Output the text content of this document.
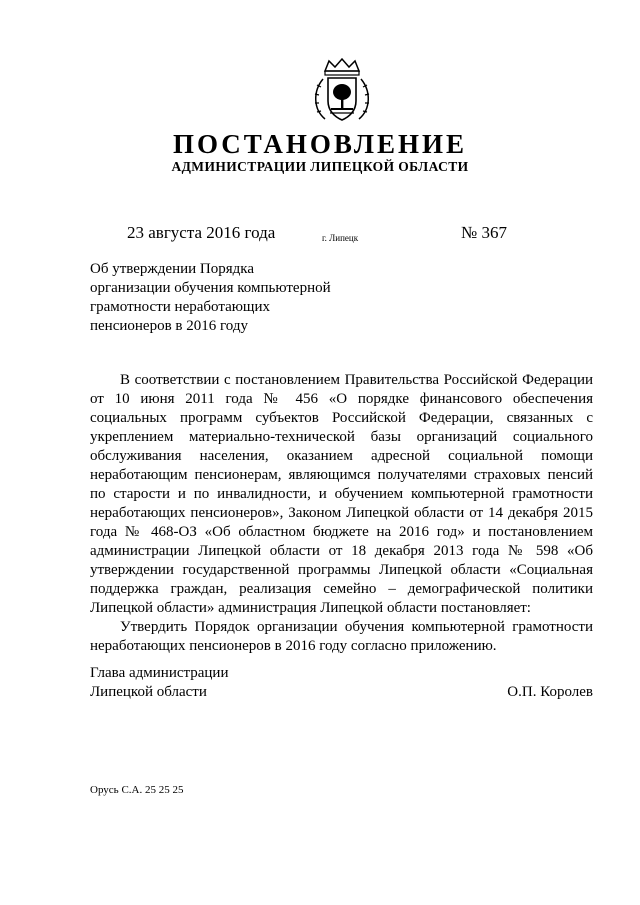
ПОСТАНОВЛЕНИЕ
АДМИНИСТРАЦИИ ЛИПЕЦКОЙ ОБЛАСТИ
23 августа 2016 года	г. Липецк	№ 367
Об утверждении Порядка
организации обучения компьютерной
грамотности неработающих
пенсионеров в 2016 году

В соответствии с постановлением Правительства Российской Федерации от 10 июня 2011 года № 456 «О порядке финансового обеспечения социальных программ субъектов Российской Федерации, связанных с укреплением материально-технической базы организаций социального обслуживания населения, оказанием адресной социальной помощи неработающим пенсионерам, являющимся получателями страховых пенсий по старости и по инвалидности, и обучением компьютерной грамотности неработающих пенсионеров», Законом Липецкой области от 14 декабря 2015 года № 468-ОЗ «Об областном бюджете на 2016 год» и постановлением администрации Липецкой области от 18 декабря 2013 года № 598 «Об утверждении государственной программы Липецкой области «Социальная поддержка граждан, реализация семейно – демографической политики Липецкой области» администрация Липецкой области постановляет:

Утвердить Порядок организации обучения компьютерной грамотности неработающих пенсионеров в 2016 году согласно приложению.

Глава администрации
Липецкой области	О.П. Королев
Орусь С.А. 25 25 25
